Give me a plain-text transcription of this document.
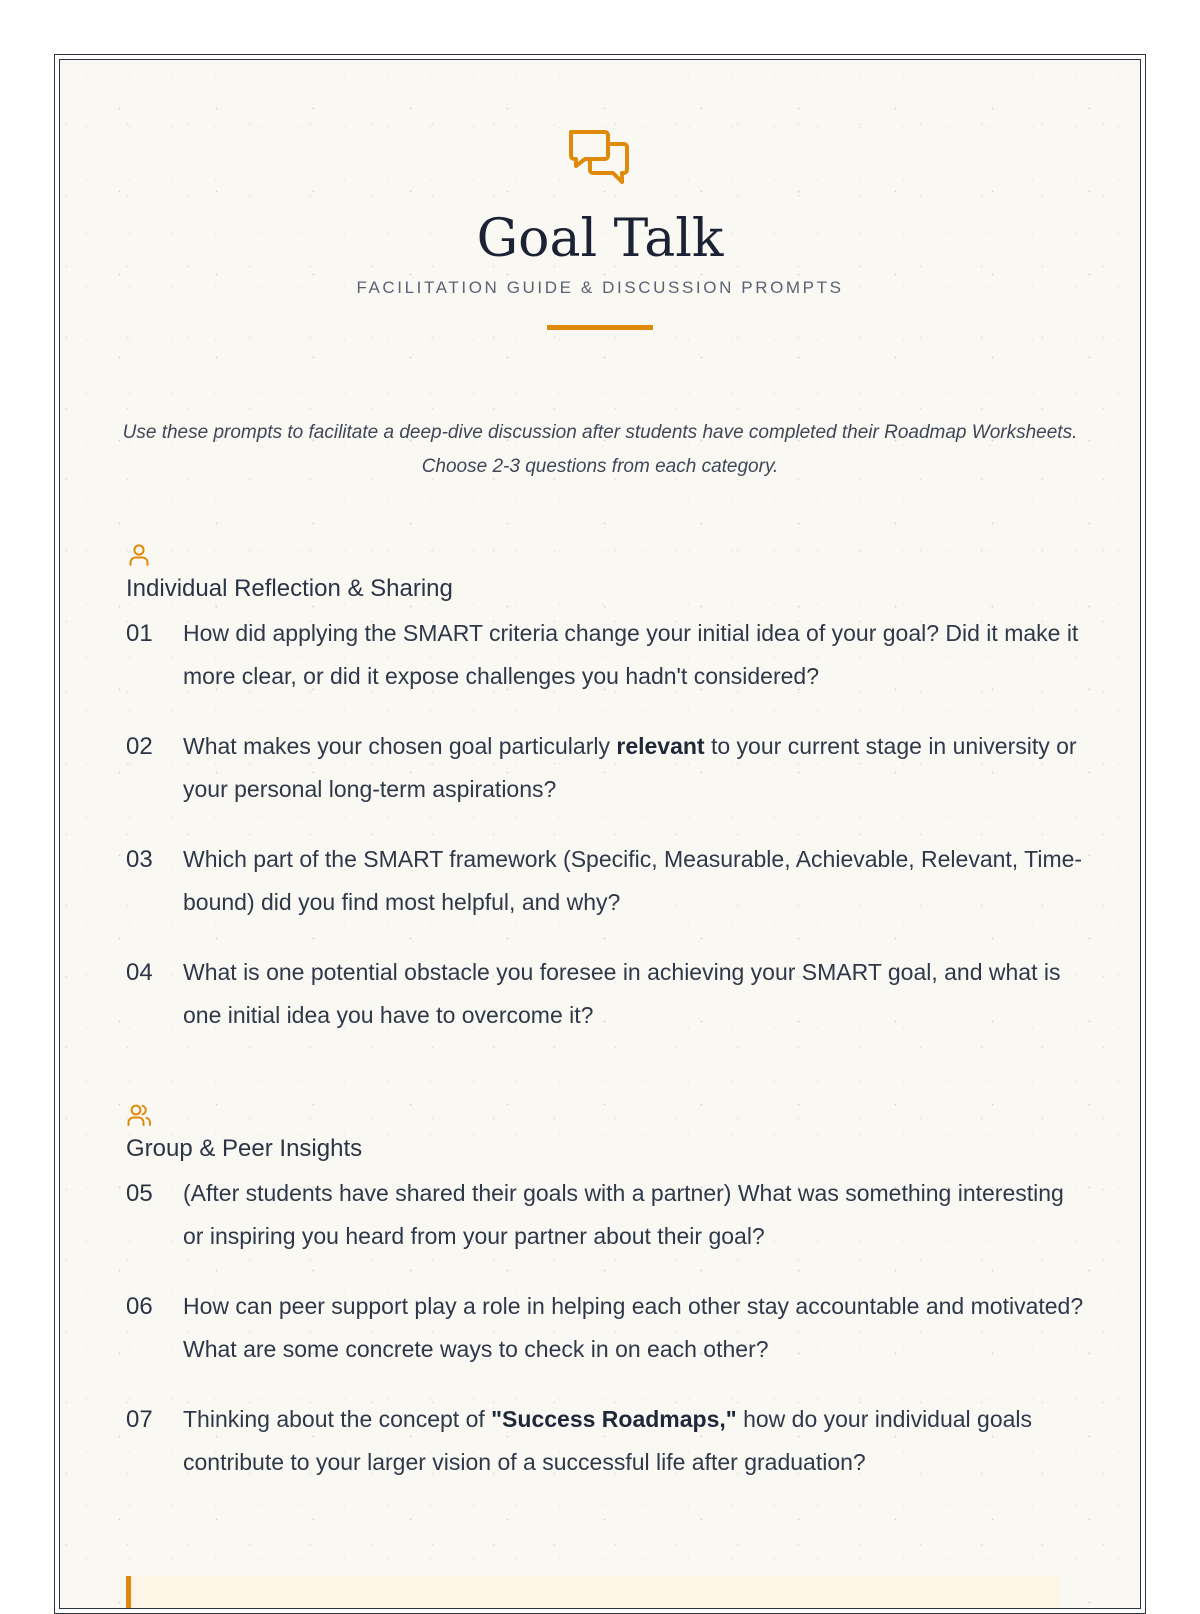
Goal Talk
FACILITATION GUIDE & DISCUSSION PROMPTS
Use these prompts to facilitate a deep-dive discussion after students have completed their Roadmap Worksheets. Choose 2-3 questions from each category.
Individual Reflection & Sharing
01	How did applying the SMART criteria change your initial idea of your goal? Did it make it more clear, or did it expose challenges you hadn't considered?
02	What makes your chosen goal particularly relevant to your current stage in university or your personal long-term aspirations?
03	Which part of the SMART framework (Specific, Measurable, Achievable, Relevant, Time-bound) did you find most helpful, and why?
04	What is one potential obstacle you foresee in achieving your SMART goal, and what is one initial idea you have to overcome it?
Group & Peer Insights
05	(After students have shared their goals with a partner) What was something interesting or inspiring you heard from your partner about their goal?
06	How can peer support play a role in helping each other stay accountable and motivated? What are some concrete ways to check in on each other?
07	Thinking about the concept of "Success Roadmaps," how do your individual goals contribute to your larger vision of a successful life after graduation?
